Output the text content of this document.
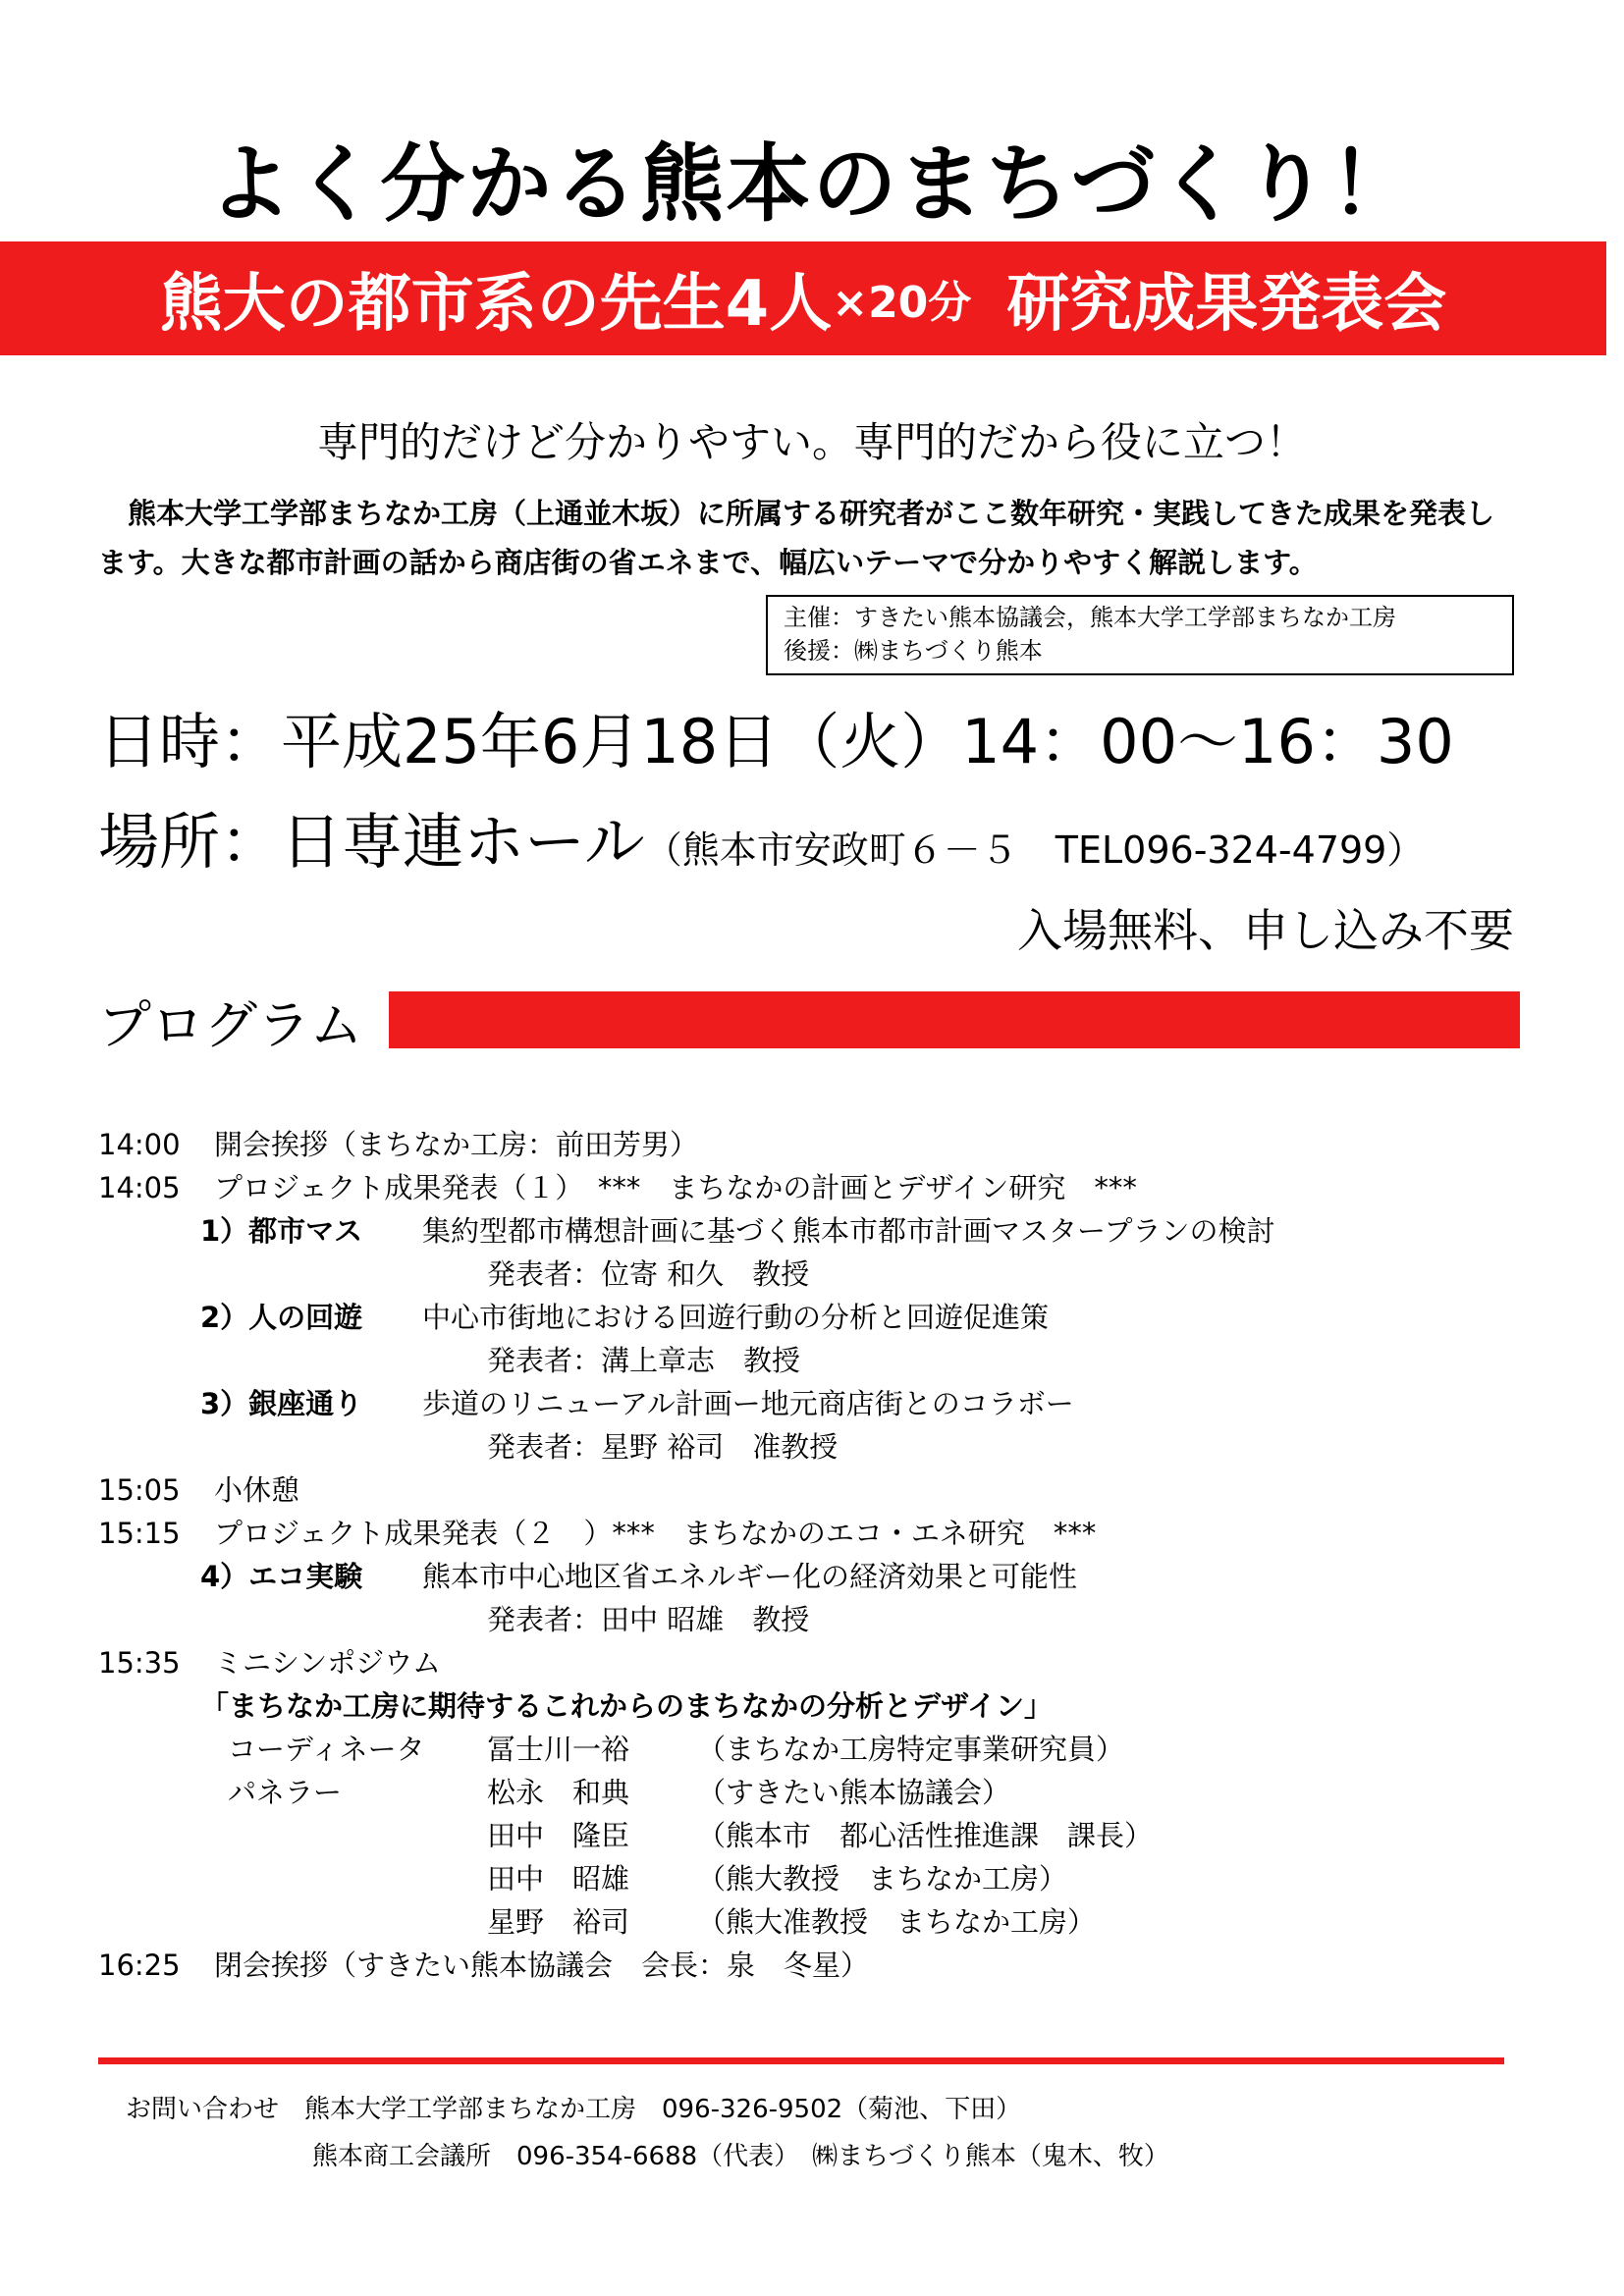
よく分かる熊本のまちづくり！
熊大の都市系の先生4人 ×20分 研究成果発表会
専門的だけど分かりやすい。専門的だから役に立つ！

熊本大学工学部まちなか工房（上通並木坂）に所属する研究者がここ数年研究・実践してきた成果を発表します。大きな都市計画の話から商店街の省エネまで、幅広いテーマで分かりやすく解説します。

主催：すきたい熊本協議会，熊本大学工学部まちなか工房
後援：㈱まちづくり熊本
日時：平成25年6月18日（火）14：00～16：30
場所：日専連ホール（熊本市安政町６－５　TEL096-324-4799）
入場無料、申し込み不要
プログラム
14:00 開会挨拶（まちなか工房：前田芳男）
14:05 プロジェクト成果発表（１）　***　まちなかの計画とデザイン研究　***
1）都市マス 集約型都市構想計画に基づく熊本市都市計画マスタープランの検討
発表者：位寄 和久　教授
2）人の回遊 中心市街地における回遊行動の分析と回遊促進策
発表者：溝上章志　教授
3）銀座通り 歩道のリニューアル計画ー地元商店街とのコラボー
発表者：星野 裕司　准教授
15:05 小休憩
15:15 プロジェクト成果発表（２　）***　まちなかのエコ・エネ研究　***
4）エコ実験 熊本市中心地区省エネルギー化の経済効果と可能性
発表者：田中 昭雄　教授
15:35 ミニシンポジウム
「まちなか工房に期待するこれからのまちなかの分析とデザイン」
コーディネータ 冨士川一裕 （まちなか工房特定事業研究員）
パネラー	松永　和典 （すきたい熊本協議会）
田中　隆臣 （熊本市　都心活性推進課　課長）
田中　昭雄 （熊大教授　まちなか工房）
星野　裕司 （熊大准教授　まちなか工房）
16:25 閉会挨拶（すきたい熊本協議会　会長：泉　冬星）
お問い合わせ　熊本大学工学部まちなか工房　096-326-9502（菊池、下田）
熊本商工会議所　096-354-6688（代表）　㈱まちづくり熊本（鬼木、牧）
